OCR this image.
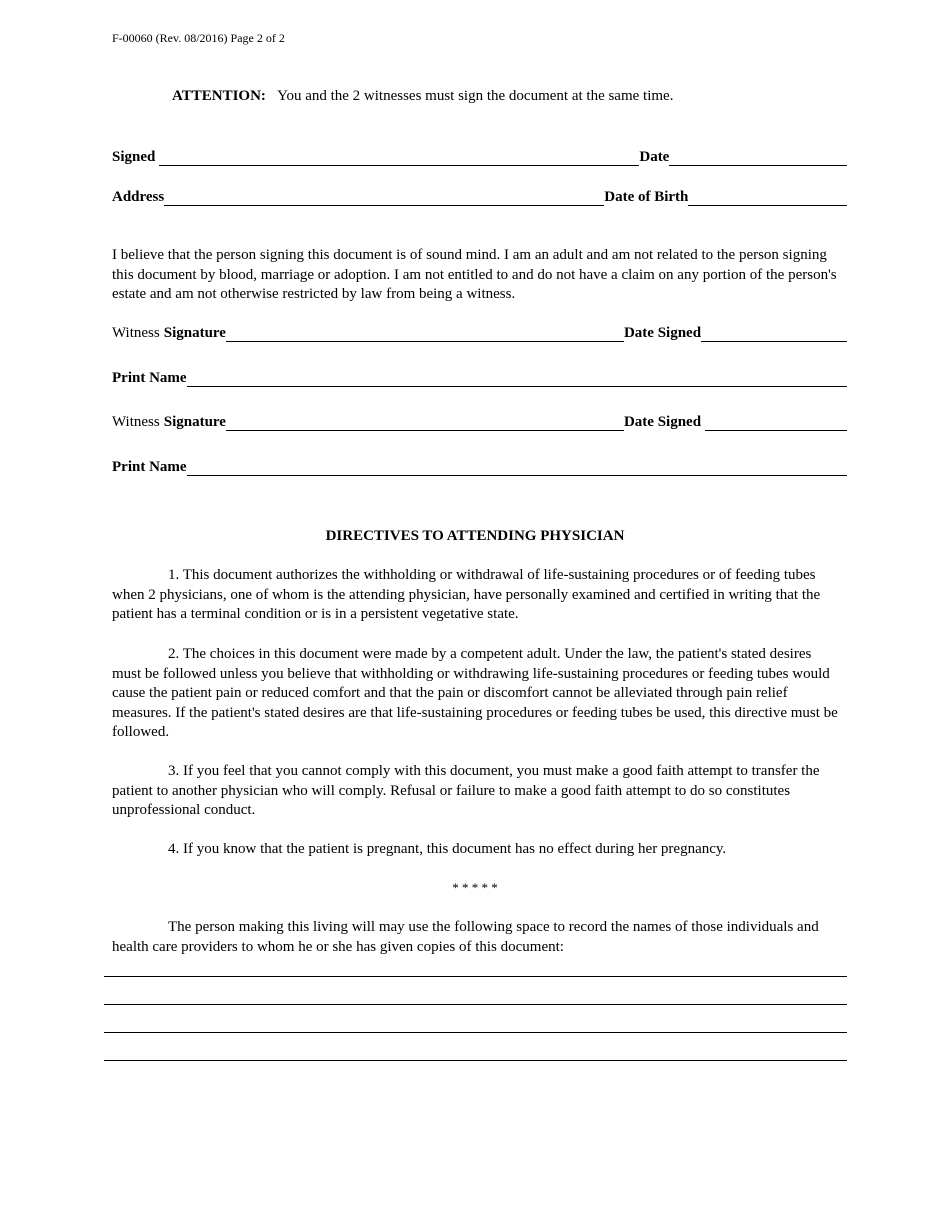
F-00060 (Rev. 08/2016) Page 2 of 2
ATTENTION: You and the 2 witnesses must sign the document at the same time.
Signed	Date
Address	Date of Birth
I believe that the person signing this document is of sound mind. I am an adult and am not related to the person signing this document by blood, marriage or adoption. I am not entitled to and do not have a claim on any portion of the person's estate and am not otherwise restricted by law from being a witness.
Witness Signature	Date Signed
Print Name
Witness Signature	Date Signed
Print Name
DIRECTIVES TO ATTENDING PHYSICIAN
1. This document authorizes the withholding or withdrawal of life-sustaining procedures or of feeding tubes when 2 physicians, one of whom is the attending physician, have personally examined and certified in writing that the patient has a terminal condition or is in a persistent vegetative state.
2. The choices in this document were made by a competent adult. Under the law, the patient's stated desires must be followed unless you believe that withholding or withdrawing life-sustaining procedures or feeding tubes would cause the patient pain or reduced comfort and that the pain or discomfort cannot be alleviated through pain relief measures. If the patient's stated desires are that life-sustaining procedures or feeding tubes be used, this directive must be followed.
3. If you feel that you cannot comply with this document, you must make a good faith attempt to transfer the patient to another physician who will comply. Refusal or failure to make a good faith attempt to do so constitutes unprofessional conduct.
4. If you know that the patient is pregnant, this document has no effect during her pregnancy.
* * * * *
The person making this living will may use the following space to record the names of those individuals and health care providers to whom he or she has given copies of this document:
